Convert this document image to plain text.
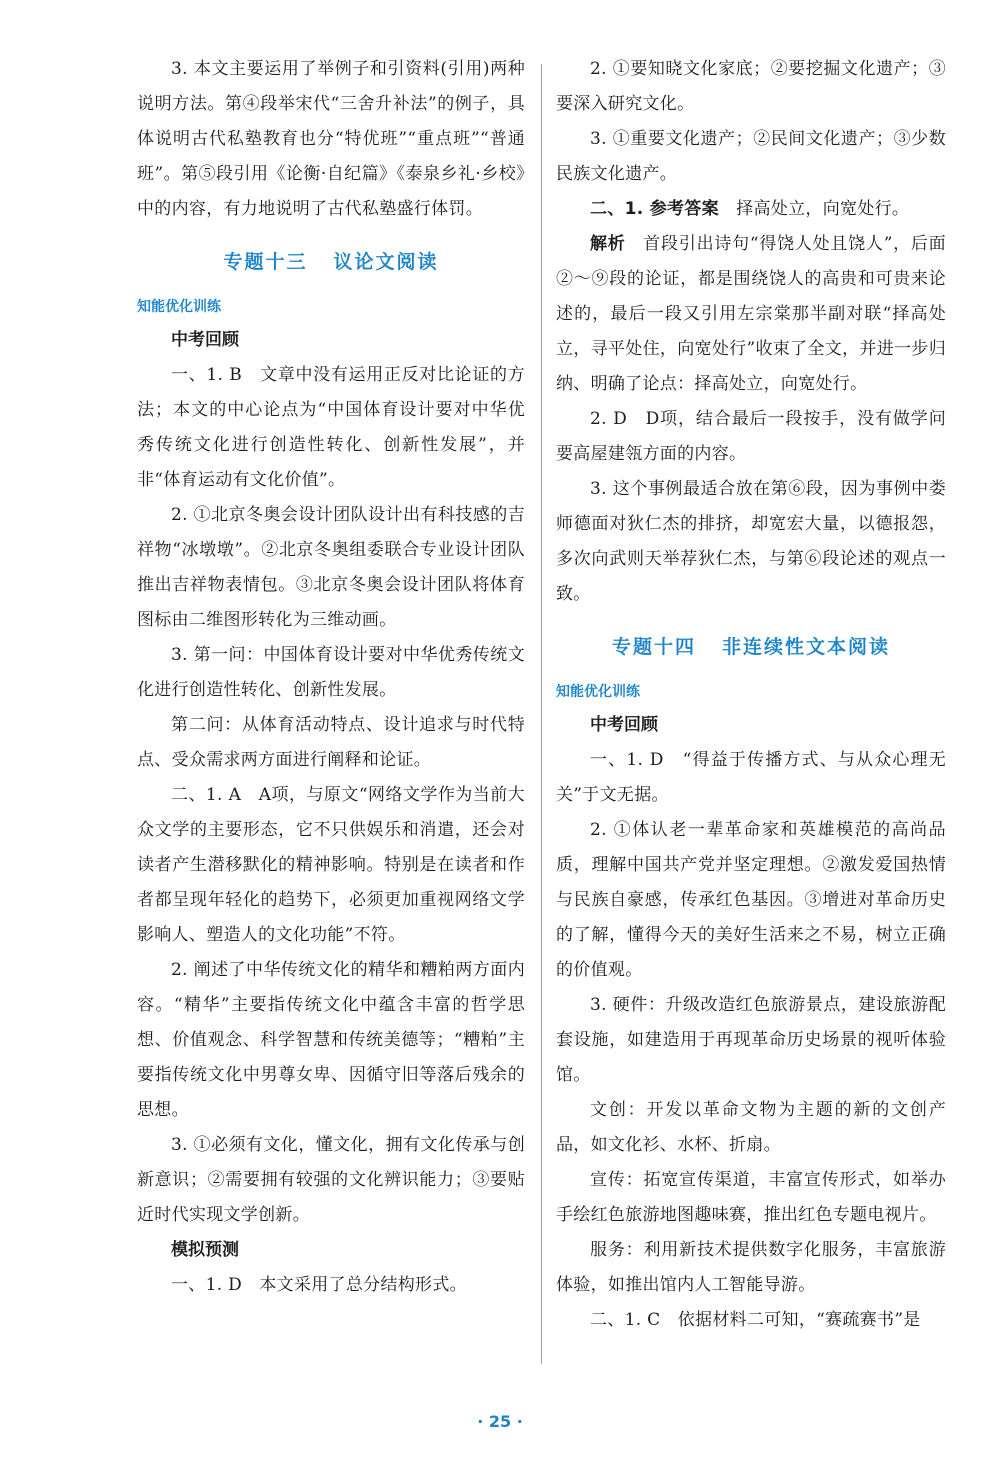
3. 本文主要运用了举例子和引资料(引用)两种说明方法。第④段举宋代“三舍升补法”的例子，具体说明古代私塾教育也分“特优班”“重点班”“普通班”。第⑤段引用《论衡·自纪篇》《泰泉乡礼·乡校》中的内容，有力地说明了古代私塾盛行体罚。

专题十三 议论文阅读
知能优化训练
中考回顾

一、1. B　文章中没有运用正反对比论证的方法；本文的中心论点为“中国体育设计要对中华优秀传统文化进行创造性转化、创新性发展”，并非“体育运动有文化价值”。

2. ①北京冬奥会设计团队设计出有科技感的吉祥物“冰墩墩”。②北京冬奥组委联合专业设计团队推出吉祥物表情包。③北京冬奥会设计团队将体育图标由二维图形转化为三维动画。

3. 第一问：中国体育设计要对中华优秀传统文化进行创造性转化、创新性发展。

第二问：从体育活动特点、设计追求与时代特点、受众需求两方面进行阐释和论证。

二、1. A　A项，与原文“网络文学作为当前大众文学的主要形态，它不只供娱乐和消遣，还会对读者产生潜移默化的精神影响。特别是在读者和作者都呈现年轻化的趋势下，必须更加重视网络文学影响人、塑造人的文化功能”不符。

2. 阐述了中华传统文化的精华和糟粕两方面内容。“精华”主要指传统文化中蕴含丰富的哲学思想、价值观念、科学智慧和传统美德等；“糟粕”主要指传统文化中男尊女卑、因循守旧等落后残余的思想。

3. ①必须有文化，懂文化，拥有文化传承与创新意识；②需要拥有较强的文化辨识能力；③要贴近时代实现文学创新。

模拟预测

一、1. D　本文采用了总分结构形式。

2. ①要知晓文化家底；②要挖掘文化遗产；③要深入研究文化。

3. ①重要文化遗产；②民间文化遗产；③少数民族文化遗产。

二、1. 参考答案　 择高处立，向宽处行。

解析　 首段引出诗句“得饶人处且饶人”，后面②～⑨段的论证，都是围绕饶人的高贵和可贵来论述的，最后一段又引用左宗棠那半副对联“择高处立，寻平处住，向宽处行”收束了全文，并进一步归纳、明确了论点：择高处立，向宽处行。

2. D　D项，结合最后一段按手，没有做学问要高屋建瓴方面的内容。

3. 这个事例最适合放在第⑥段，因为事例中娄师德面对狄仁杰的排挤，却宽宏大量，以德报怨，多次向武则天举荐狄仁杰，与第⑥段论述的观点一致。

专题十四 非连续性文本阅读
知能优化训练
中考回顾

一、1. D　“得益于传播方式、与从众心理无关”于文无据。

2. ①体认老一辈革命家和英雄模范的高尚品质，理解中国共产党并坚定理想。②激发爱国热情与民族自豪感，传承红色基因。③增进对革命历史的了解，懂得今天的美好生活来之不易，树立正确的价值观。

3. 硬件：升级改造红色旅游景点，建设旅游配套设施，如建造用于再现革命历史场景的视听体验馆。

文创：开发以革命文物为主题的新的文创产品，如文化衫、水杯、折扇。

宣传：拓宽宣传渠道，丰富宣传形式，如举办手绘红色旅游地图趣味赛，推出红色专题电视片。

服务：利用新技术提供数字化服务，丰富旅游体验，如推出馆内人工智能导游。

二、1. C　依据材料二可知，“赛疏赛书”是

· 25 ·
